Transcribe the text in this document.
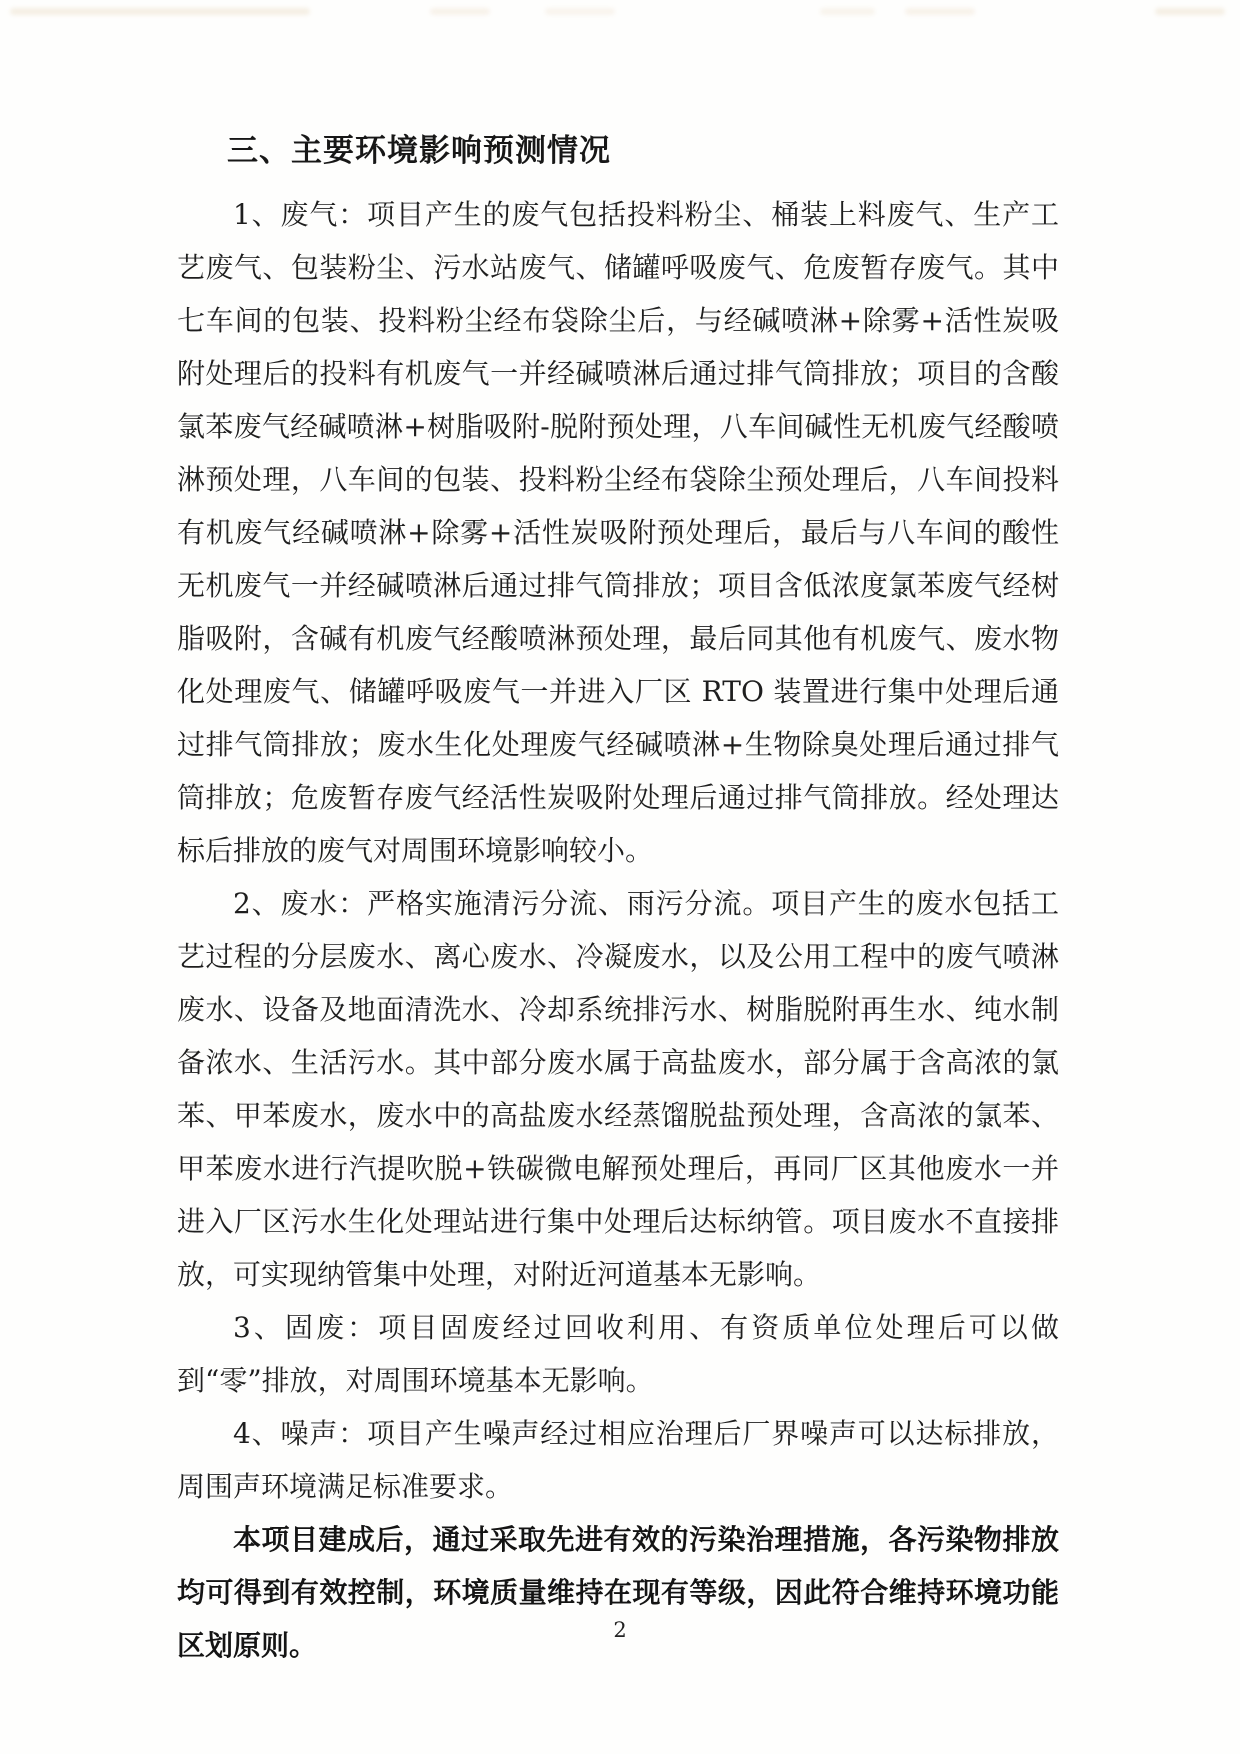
三、主要环境影响预测情况

1、废气：项目产生的废气包括投料粉尘、桶装上料废气、生产工艺废气、包装粉尘、污水站废气、储罐呼吸废气、危废暂存废气。其中七车间的包装、投料粉尘经布袋除尘后，与经碱喷淋+除雾+活性炭吸附处理后的投料有机废气一并经碱喷淋后通过排气筒排放；项目的含酸氯苯废气经碱喷淋+树脂吸附-脱附预处理，八车间碱性无机废气经酸喷淋预处理，八车间的包装、投料粉尘经布袋除尘预处理后，八车间投料有机废气经碱喷淋+除雾+活性炭吸附预处理后，最后与八车间的酸性无机废气一并经碱喷淋后通过排气筒排放；项目含低浓度氯苯废气经树脂吸附，含碱有机废气经酸喷淋预处理，最后同其他有机废气、废水物化处理废气、储罐呼吸废气一并进入厂区 RTO 装置进行集中处理后通过排气筒排放；废水生化处理废气经碱喷淋+生物除臭处理后通过排气筒排放；危废暂存废气经活性炭吸附处理后通过排气筒排放。经处理达标后排放的废气对周围环境影响较小。

2、废水：严格实施清污分流、雨污分流。项目产生的废水包括工艺过程的分层废水、离心废水、冷凝废水，以及公用工程中的废气喷淋废水、设备及地面清洗水、冷却系统排污水、树脂脱附再生水、纯水制备浓水、生活污水。其中部分废水属于高盐废水，部分属于含高浓的氯苯、甲苯废水，废水中的高盐废水经蒸馏脱盐预处理，含高浓的氯苯、甲苯废水进行汽提吹脱+铁碳微电解预处理后，再同厂区其他废水一并进入厂区污水生化处理站进行集中处理后达标纳管。项目废水不直接排放，可实现纳管集中处理，对附近河道基本无影响。

3、固废：项目固废经过回收利用、有资质单位处理后可以做到“零”排放，对周围环境基本无影响。

4、噪声：项目产生噪声经过相应治理后厂界噪声可以达标排放，周围声环境满足标准要求。

本项目建成后，通过采取先进有效的污染治理措施，各污染物排放均可得到有效控制，环境质量维持在现有等级，因此符合维持环境功能区划原则。	2
